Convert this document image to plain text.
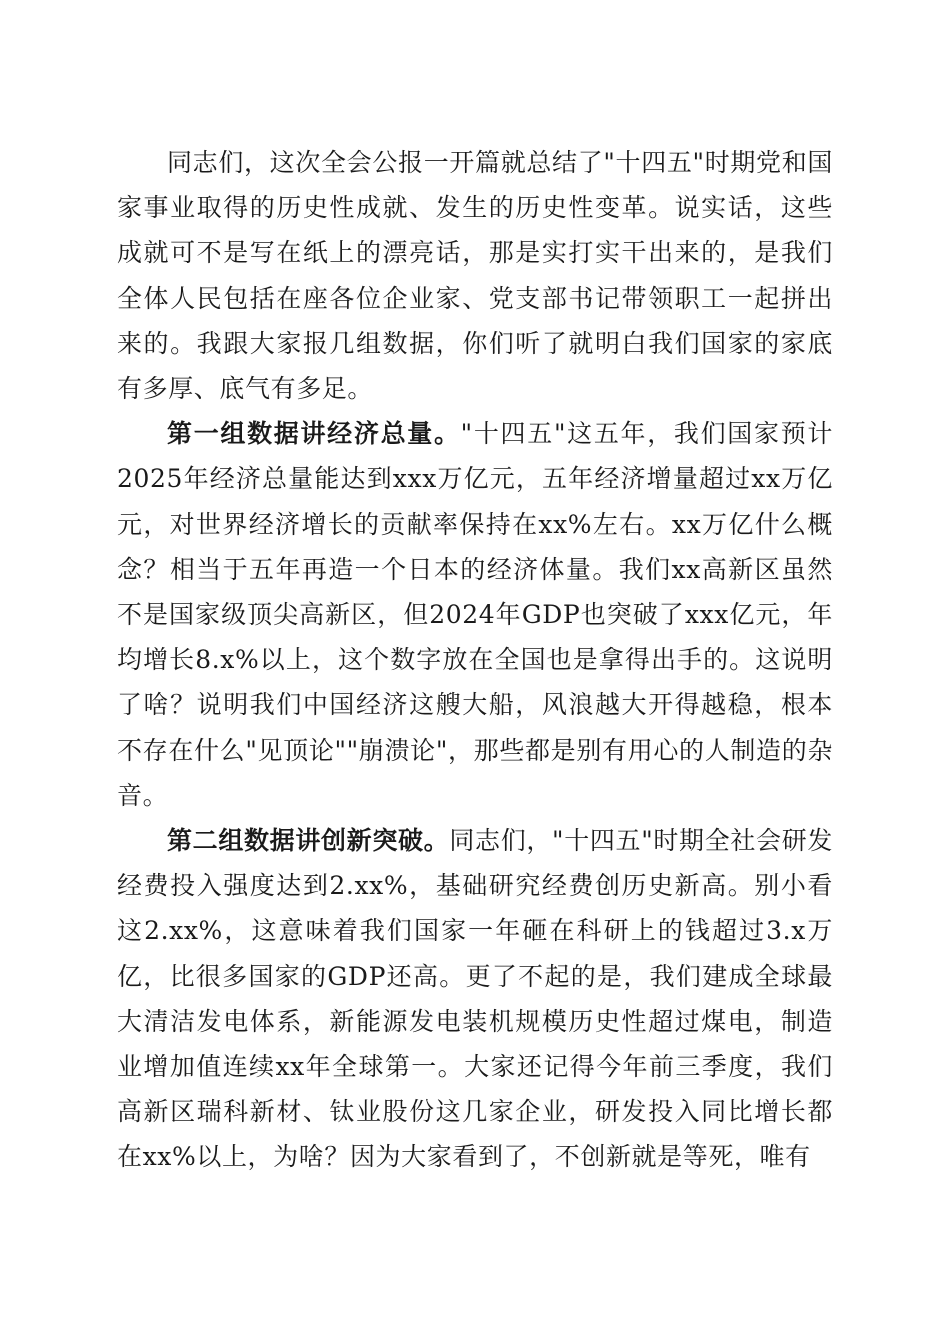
同志们，这次全会公报一开篇就总结了"十四五"时期党和国家事业取得的历史性成就、发生的历史性变革。说实话，这些成就可不是写在纸上的漂亮话，那是实打实干出来的，是我们全体人民包括在座各位企业家、党支部书记带领职工一起拼出来的。我跟大家报几组数据，你们听了就明白我们国家的家底有多厚、底气有多足。

第一组数据讲经济总量。"十四五"这五年，我们国家预计2025年经济总量能达到xxx万亿元，五年经济增量超过xx万亿元，对世界经济增长的贡献率保持在xx%左右。xx万亿什么概念？相当于五年再造一个日本的经济体量。我们xx高新区虽然不是国家级顶尖高新区，但2024年GDP也突破了xxx亿元，年均增长8.x%以上，这个数字放在全国也是拿得出手的。这说明了啥？说明我们中国经济这艘大船，风浪越大开得越稳，根本不存在什么"见顶论""崩溃论"，那些都是别有用心的人制造的杂音。

第二组数据讲创新突破。同志们，"十四五"时期全社会研发经费投入强度达到2.xx%，基础研究经费创历史新高。别小看这2.xx%，这意味着我们国家一年砸在科研上的钱超过3.x万亿，比很多国家的GDP还高。更了不起的是，我们建成全球最大清洁发电体系，新能源发电装机规模历史性超过煤电，制造业增加值连续xx年全球第一。大家还记得今年前三季度，我们高新区瑞科新材、钛业股份这几家企业，研发投入同比增长都在xx%以上，为啥？因为大家看到了，不创新就是等死，唯有
